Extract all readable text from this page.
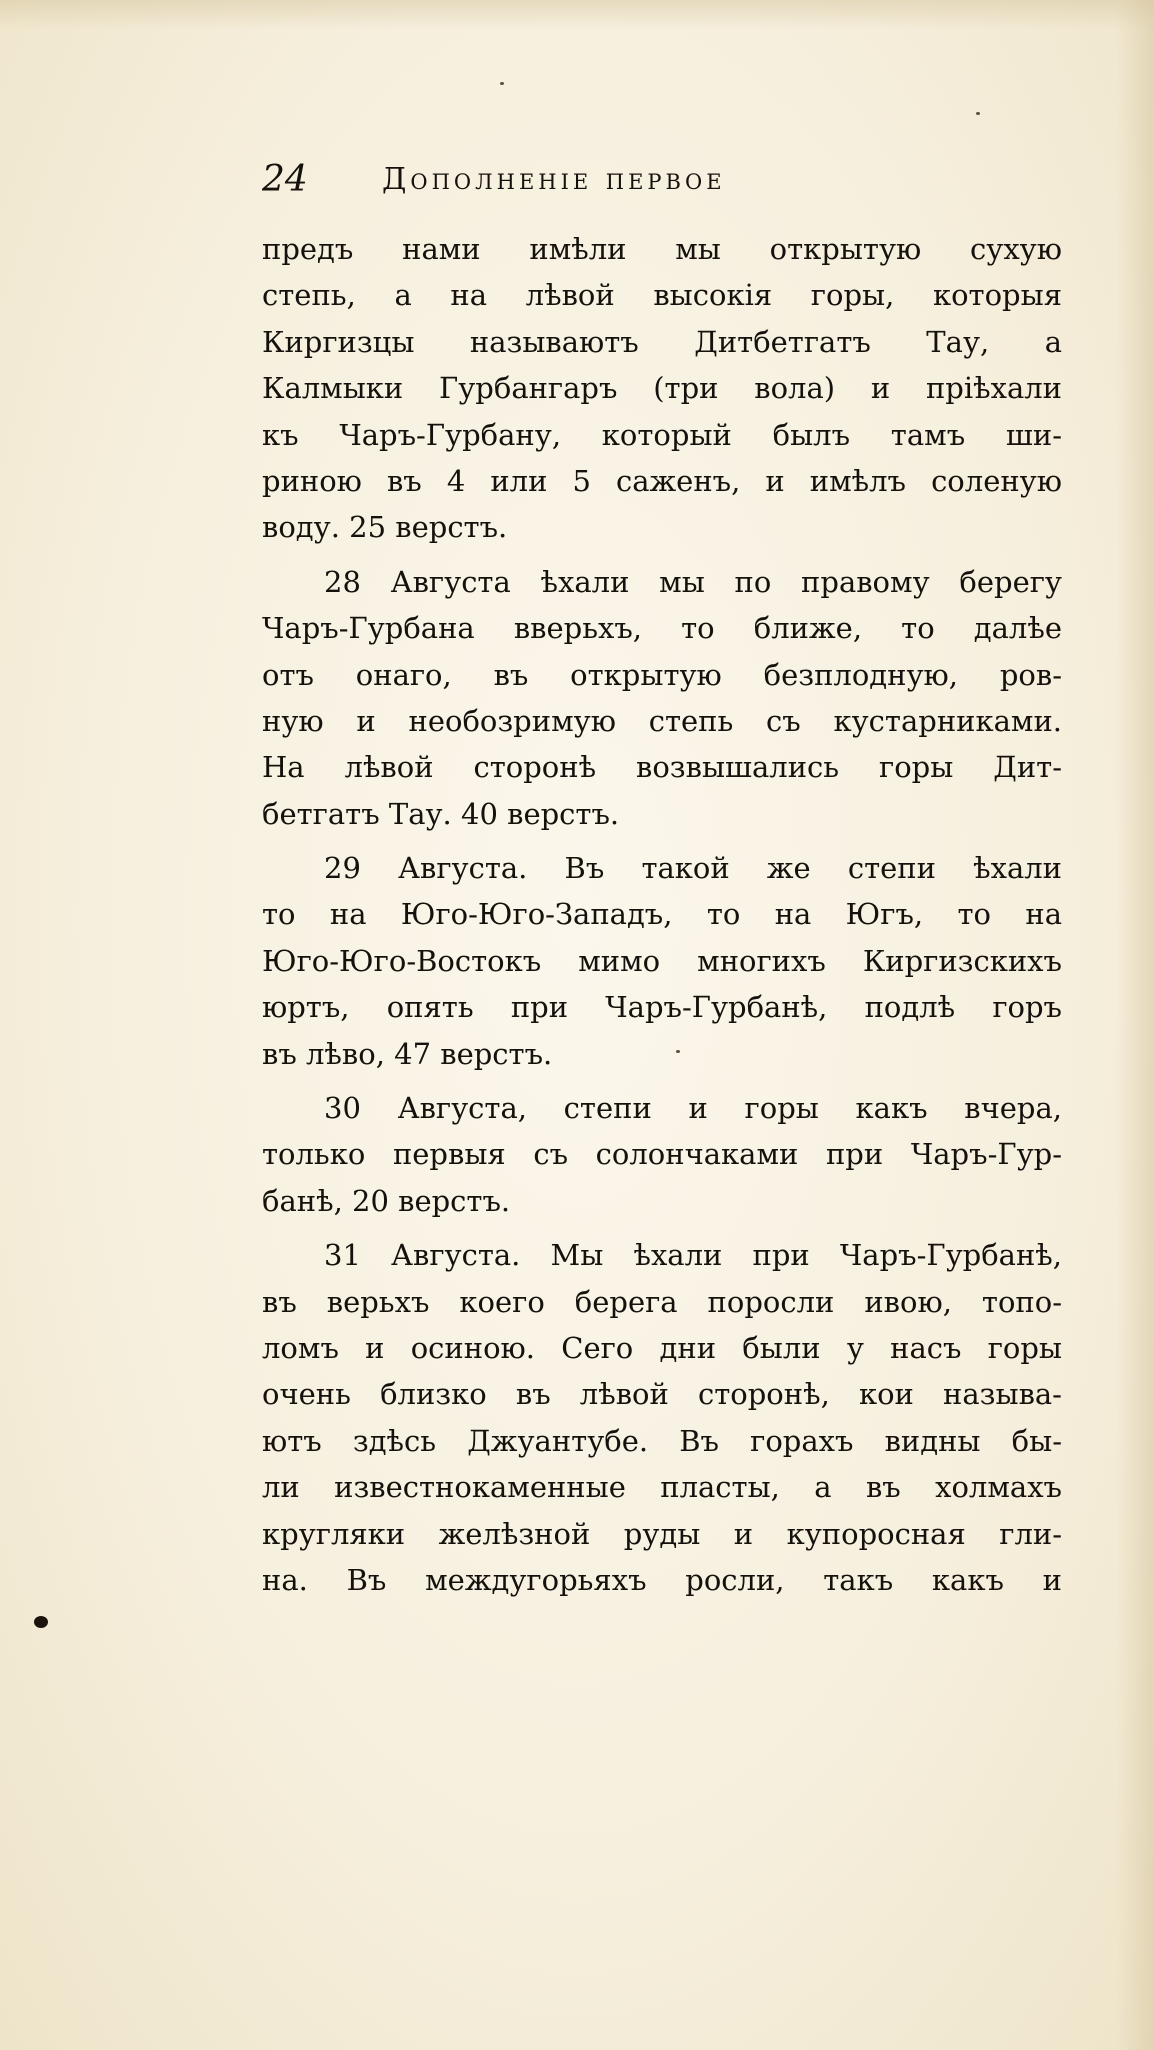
24 Дополненіе первое
предъ нами имѣли мы открытую сухую
степь, а на лѣвой высокія горы, которыя
Киргизцы называютъ Дитбетгатъ Тау, а
Калмыки Гурбангаръ (три вола) и пріѣхали
къ Чаръ-Гурбану, который былъ тамъ ши-
риною въ 4 или 5 саженъ, и имѣлъ соленую
воду. 25 верстъ.
28 Августа ѣхали мы по правому берегу
Чаръ-Гурбана вверьхъ, то ближе, то далѣе
отъ онаго, въ открытую безплодную, ров-
ную и необозримую степь съ кустарниками.
На лѣвой сторонѣ возвышались горы Дит-
бетгатъ Тау. 40 верстъ.
29 Августа. Въ такой же степи ѣхали
то на Юго-Юго-Западъ, то на Югъ, то на
Юго-Юго-Востокъ мимо многихъ Киргизскихъ
юртъ, опять при Чаръ-Гурбанѣ, подлѣ горъ
въ лѣво, 47 верстъ.
30 Августа, степи и горы какъ вчера,
только первыя съ солончаками при Чаръ-Гур-
банѣ, 20 верстъ.
31 Августа. Мы ѣхали при Чаръ-Гурбанѣ,
въ верьхъ коего берега поросли ивою, топо-
ломъ и осиною. Сего дни были у насъ горы
очень близко въ лѣвой сторонѣ, кои называ-
ютъ здѣсь Джуантубе. Въ горахъ видны бы-
ли известнокаменные пласты, а въ холмахъ
кругляки желѣзной руды и купоросная гли-
на. Въ междугорьяхъ росли, такъ какъ и
